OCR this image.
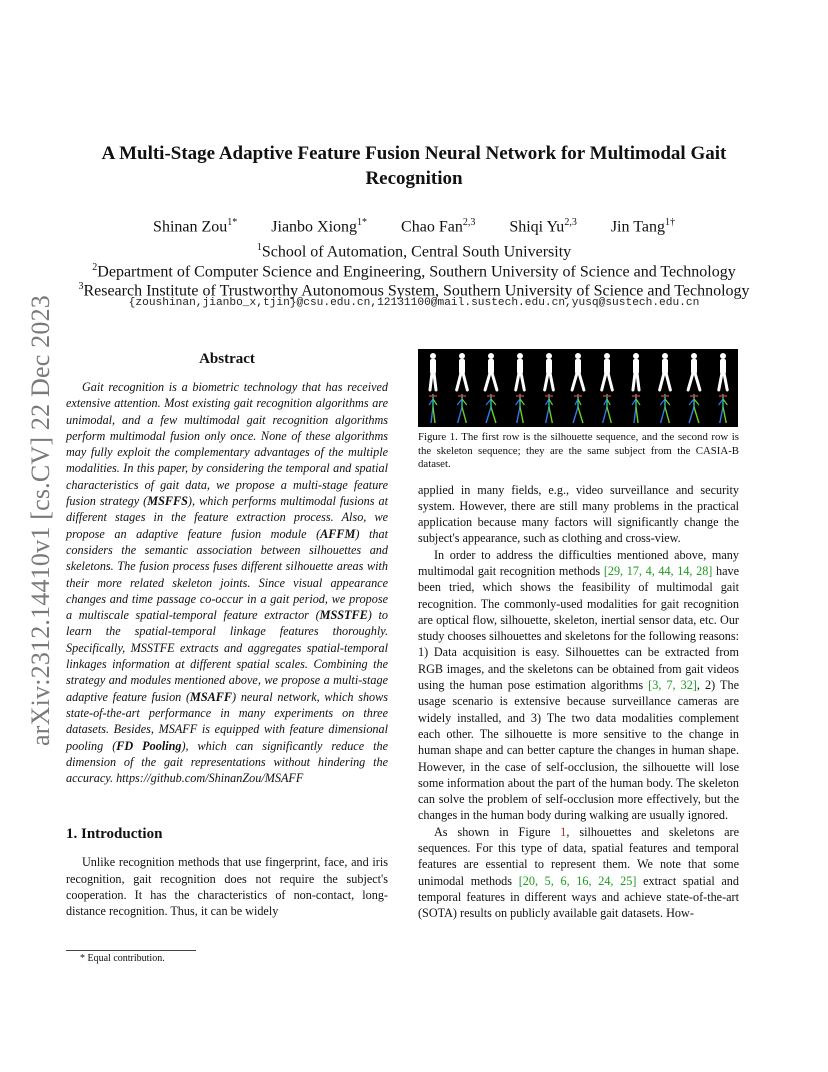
arXiv:2312.14410v1 [cs.CV] 22 Dec 2023
A Multi-Stage Adaptive Feature Fusion Neural Network for Multimodal Gait Recognition
Shinan Zou$^{1*}$ Jianbo Xiong$^{1*}$ Chao Fan$^{2,3}$ Shiqi Yu$^{2,3}$ Jin Tang$^{1\dagger}$
$^1$School of Automation, Central South University
$^2$Department of Computer Science and Engineering, Southern University of Science and Technology
$^3$Research Institute of Trustworthy Autonomous System, Southern University of Science and Technology
{zoushinan,jianbo_x,tjin}@csu.edu.cn,12131100@mail.sustech.edu.cn,yusq@sustech.edu.cn
Abstract

Gait recognition is a biometric technology that has received extensive attention. Most existing gait recognition algorithms are unimodal, and a few multimodal gait recognition algorithms perform multimodal fusion only once. None of these algorithms may fully exploit the complementary advantages of the multiple modalities. In this paper, by considering the temporal and spatial characteristics of gait data, we propose a multi-stage feature fusion strategy (MSFFS), which performs multimodal fusions at different stages in the feature extraction process. Also, we propose an adaptive feature fusion module (AFFM) that considers the semantic association between silhouettes and skeletons. The fusion process fuses different silhouette areas with their more related skeleton joints. Since visual appearance changes and time passage co-occur in a gait period, we propose a multiscale spatial-temporal feature extractor (MSSTFE) to learn the spatial-temporal linkage features thoroughly. Specifically, MSSTFE extracts and aggregates spatial-temporal linkages information at different spatial scales. Combining the strategy and modules mentioned above, we propose a multi-stage adaptive feature fusion (MSAFF) neural network, which shows state-of-the-art performance in many experiments on three datasets. Besides, MSAFF is equipped with feature dimensional pooling (FD Pooling), which can significantly reduce the dimension of the gait representations without hindering the accuracy. https://github.com/ShinanZou/MSAFF

1. Introduction

Unlike recognition methods that use fingerprint, face, and iris recognition, gait recognition does not require the subject's cooperation. It has the characteristics of non-contact, long-distance recognition. Thus, it can be widely

* Equal contribution.

Figure 1. The first row is the silhouette sequence, and the second row is the skeleton sequence; they are the same subject from the CASIA-B dataset.

applied in many fields, e.g., video surveillance and security system. However, there are still many problems in the practical application because many factors will significantly change the subject's appearance, such as clothing and cross-view.

In order to address the difficulties mentioned above, many multimodal gait recognition methods [29, 17, 4, 44, 14, 28] have been tried, which shows the feasibility of multimodal gait recognition. The commonly-used modalities for gait recognition are optical flow, silhouette, skeleton, inertial sensor data, etc. Our study chooses silhouettes and skeletons for the following reasons: 1) Data acquisition is easy. Silhouettes can be extracted from RGB images, and the skeletons can be obtained from gait videos using the human pose estimation algorithms [3, 7, 32], 2) The usage scenario is extensive because surveillance cameras are widely installed, and 3) The two data modalities complement each other. The silhouette is more sensitive to the change in human shape and can better capture the changes in human shape. However, in the case of self-occlusion, the silhouette will lose some information about the part of the human body. The skeleton can solve the problem of self-occlusion more effectively, but the changes in the human body during walking are usually ignored.

As shown in Figure 1, silhouettes and skeletons are sequences. For this type of data, spatial features and temporal features are essential to represent them. We note that some unimodal methods [20, 5, 6, 16, 24, 25] extract spatial and temporal features in different ways and achieve state-of-the-art (SOTA) results on publicly available gait datasets. How-
